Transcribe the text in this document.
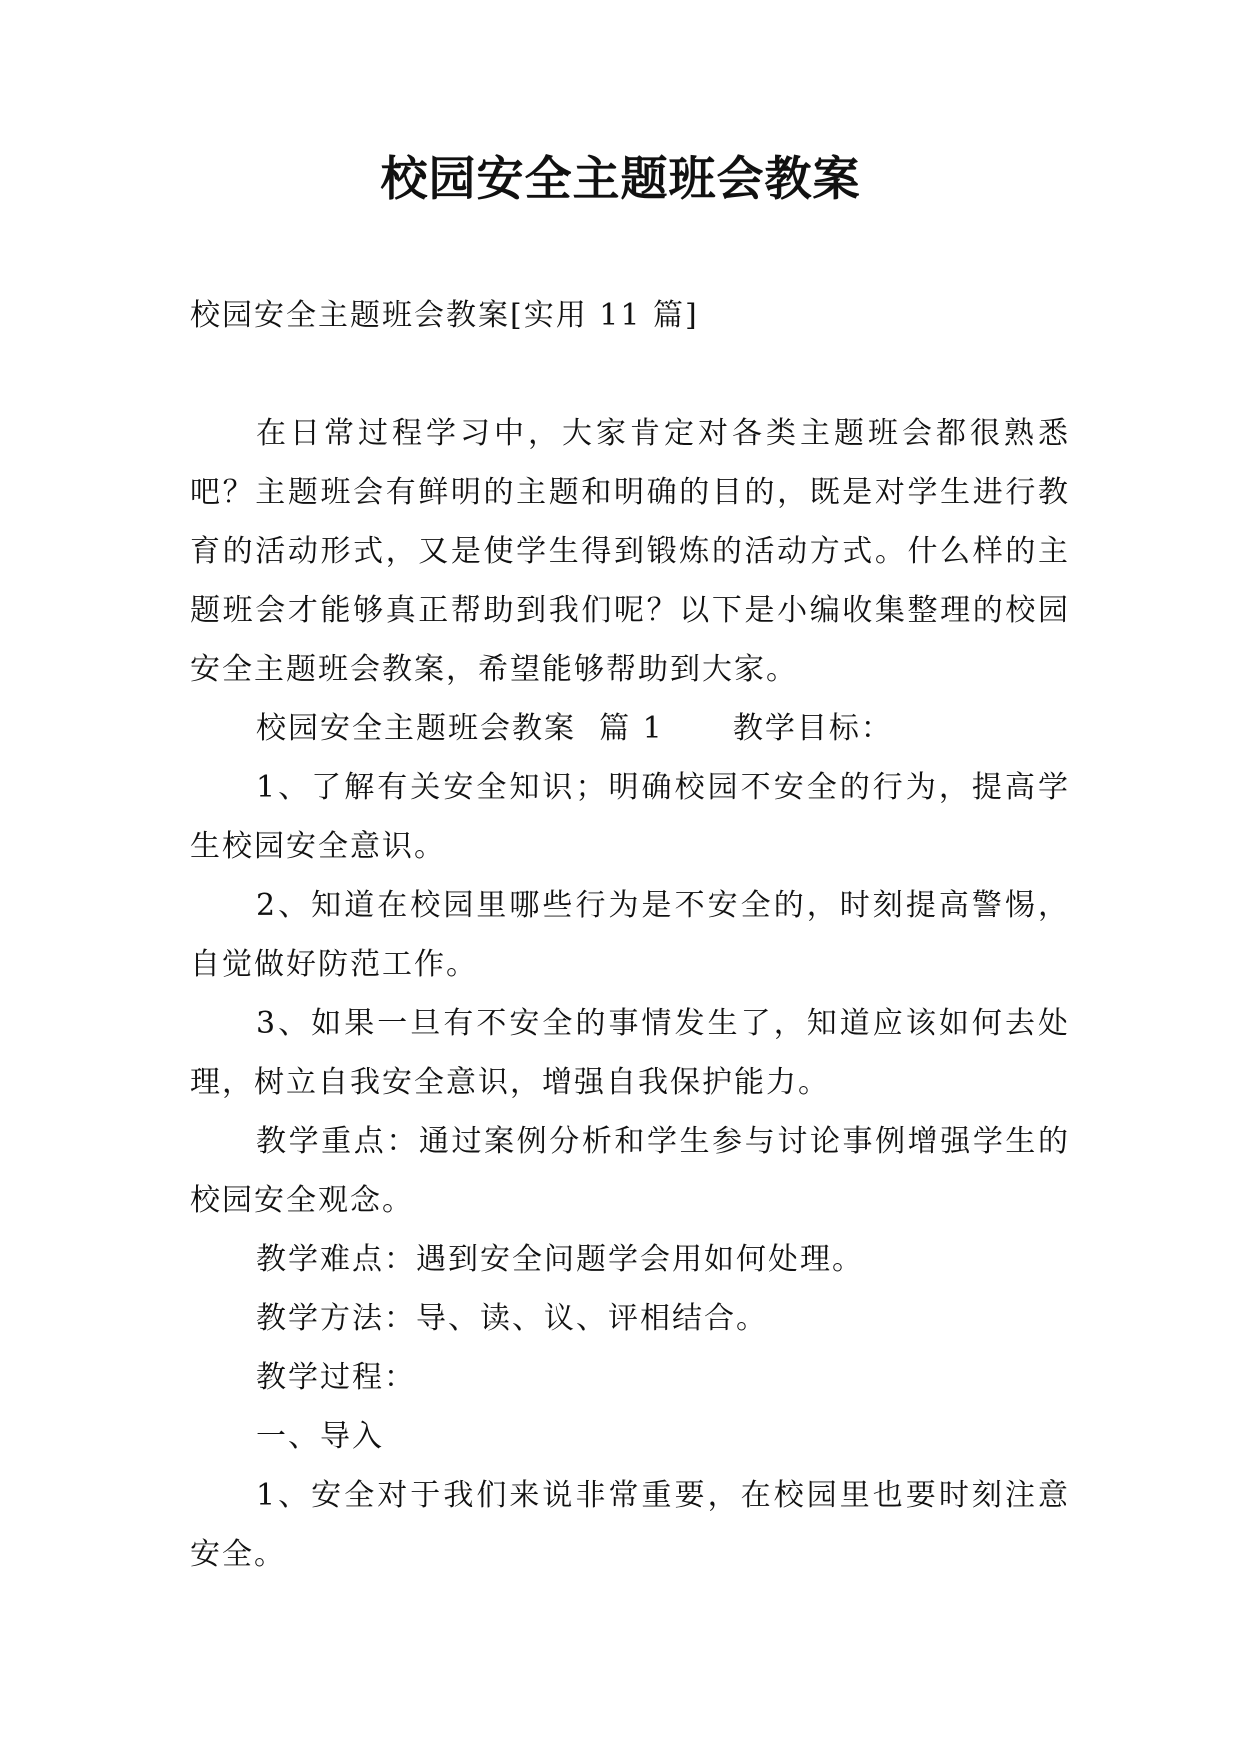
校园安全主题班会教案
校园安全主题班会教案[实用 11 篇]

在日常过程学习中，大家肯定对各类主题班会都很熟悉吧？主题班会有鲜明的主题和明确的目的，既是对学生进行教育的活动形式，又是使学生得到锻炼的活动方式。什么样的主题班会才能够真正帮助到我们呢？以下是小编收集整理的校园安全主题班会教案，希望能够帮助到大家。

校园安全主题班会教案  篇 1      教学目标：

1、了解有关安全知识；明确校园不安全的行为，提高学生校园安全意识。

2、知道在校园里哪些行为是不安全的，时刻提高警惕，自觉做好防范工作。

3、如果一旦有不安全的事情发生了，知道应该如何去处理，树立自我安全意识，增强自我保护能力。

教学重点：通过案例分析和学生参与讨论事例增强学生的校园安全观念。

教学难点：遇到安全问题学会用如何处理。

教学方法：导、读、议、评相结合。

教学过程：

一、导入

1、安全对于我们来说非常重要，在校园里也要时刻注意安全。
